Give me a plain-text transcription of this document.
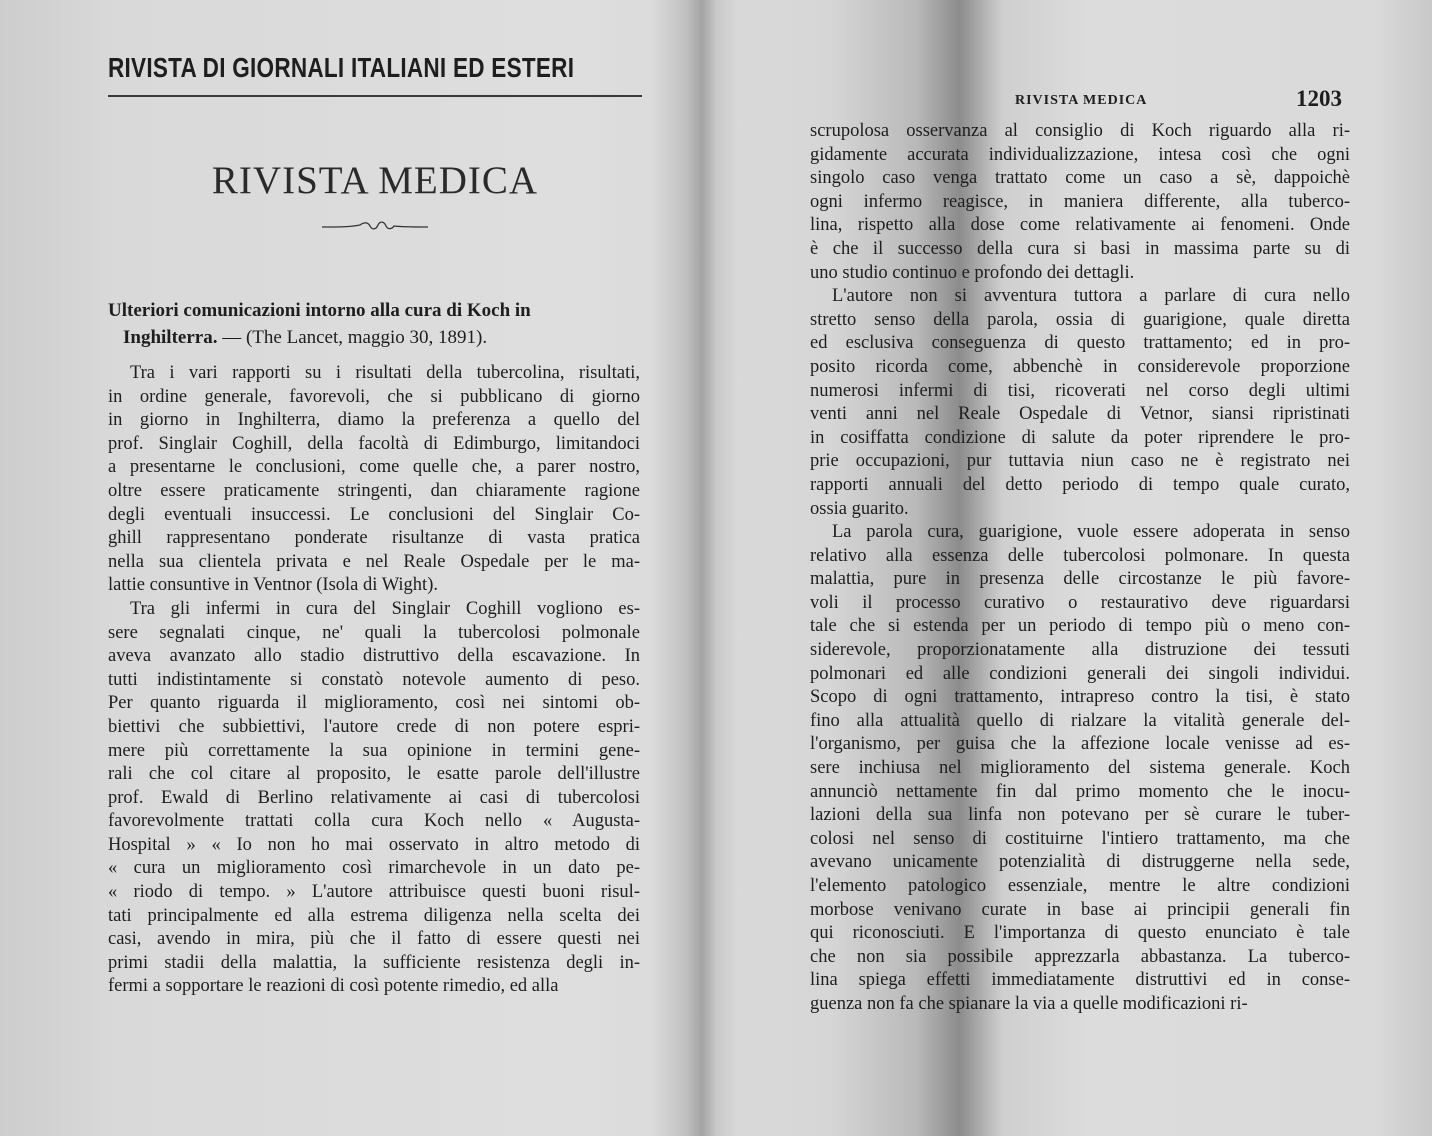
RIVISTA DI GIORNALI ITALIANI ED ESTERI
RIVISTA MEDICA
Ulteriori comunicazioni intorno alla cura di Koch in
Inghilterra. — (The Lancet, maggio 30, 1891).

Tra i vari rapporti su i risultati della tubercolina, risultati,

in ordine generale, favorevoli, che si pubblicano di giorno

in giorno in Inghilterra, diamo la preferenza a quello del

prof. Singlair Coghill, della facoltà di Edimburgo, limitandoci

a presentarne le conclusioni, come quelle che, a parer nostro,

oltre essere praticamente stringenti, dan chiaramente ragione

degli eventuali insuccessi. Le conclusioni del Singlair Co-

ghill rappresentano ponderate risultanze di vasta pratica

nella sua clientela privata e nel Reale Ospedale per le ma-

lattie consuntive in Ventnor (Isola di Wight).

Tra gli infermi in cura del Singlair Coghill vogliono es-

sere segnalati cinque, ne' quali la tubercolosi polmonale

aveva avanzato allo stadio distruttivo della escavazione. In

tutti indistintamente si constatò notevole aumento di peso.

Per quanto riguarda il miglioramento, così nei sintomi ob-

biettivi che subbiettivi, l'autore crede di non potere espri-

mere più correttamente la sua opinione in termini gene-

rali che col citare al proposito, le esatte parole dell'illustre

prof. Ewald di Berlino relativamente ai casi di tubercolosi

favorevolmente trattati colla cura Koch nello « Augusta-

Hospital » « Io non ho mai osservato in altro metodo di

« cura un miglioramento così rimarchevole in un dato pe-

« riodo di tempo. » L'autore attribuisce questi buoni risul-

tati principalmente ed alla estrema diligenza nella scelta dei

casi, avendo in mira, più che il fatto di essere questi nei

primi stadii della malattia, la sufficiente resistenza degli in-

fermi a sopportare le reazioni di così potente rimedio, ed alla

RIVISTA MEDICA	1203

scrupolosa osservanza al consiglio di Koch riguardo alla ri-

gidamente accurata individualizzazione, intesa così che ogni

singolo caso venga trattato come un caso a sè, dappoichè

ogni infermo reagisce, in maniera differente, alla tuberco-

lina, rispetto alla dose come relativamente ai fenomeni. Onde

è che il successo della cura si basi in massima parte su di

uno studio continuo e profondo dei dettagli.

L'autore non si avventura tuttora a parlare di cura nello

stretto senso della parola, ossia di guarigione, quale diretta

ed esclusiva conseguenza di questo trattamento; ed in pro-

posito ricorda come, abbenchè in considerevole proporzione

numerosi infermi di tisi, ricoverati nel corso degli ultimi

venti anni nel Reale Ospedale di Vetnor, siansi ripristinati

in cosiffatta condizione di salute da poter riprendere le pro-

prie occupazioni, pur tuttavia niun caso ne è registrato nei

rapporti annuali del detto periodo di tempo quale curato,

ossia guarito.

La parola cura, guarigione, vuole essere adoperata in senso

relativo alla essenza delle tubercolosi polmonare. In questa

malattia, pure in presenza delle circostanze le più favore-

voli il processo curativo o restaurativo deve riguardarsi

tale che si estenda per un periodo di tempo più o meno con-

siderevole, proporzionatamente alla distruzione dei tessuti

polmonari ed alle condizioni generali dei singoli individui.

Scopo di ogni trattamento, intrapreso contro la tisi, è stato

fino alla attualità quello di rialzare la vitalità generale del-

l'organismo, per guisa che la affezione locale venisse ad es-

sere inchiusa nel miglioramento del sistema generale. Koch

annunciò nettamente fin dal primo momento che le inocu-

lazioni della sua linfa non potevano per sè curare le tuber-

colosi nel senso di costituirne l'intiero trattamento, ma che

avevano unicamente potenzialità di distruggerne nella sede,

l'elemento patologico essenziale, mentre le altre condizioni

morbose venivano curate in base ai principii generali fin

qui riconosciuti. E l'importanza di questo enunciato è tale

che non sia possibile apprezzarla abbastanza. La tuberco-

lina spiega effetti immediatamente distruttivi ed in conse-

guenza non fa che spianare la via a quelle modificazioni ri-
